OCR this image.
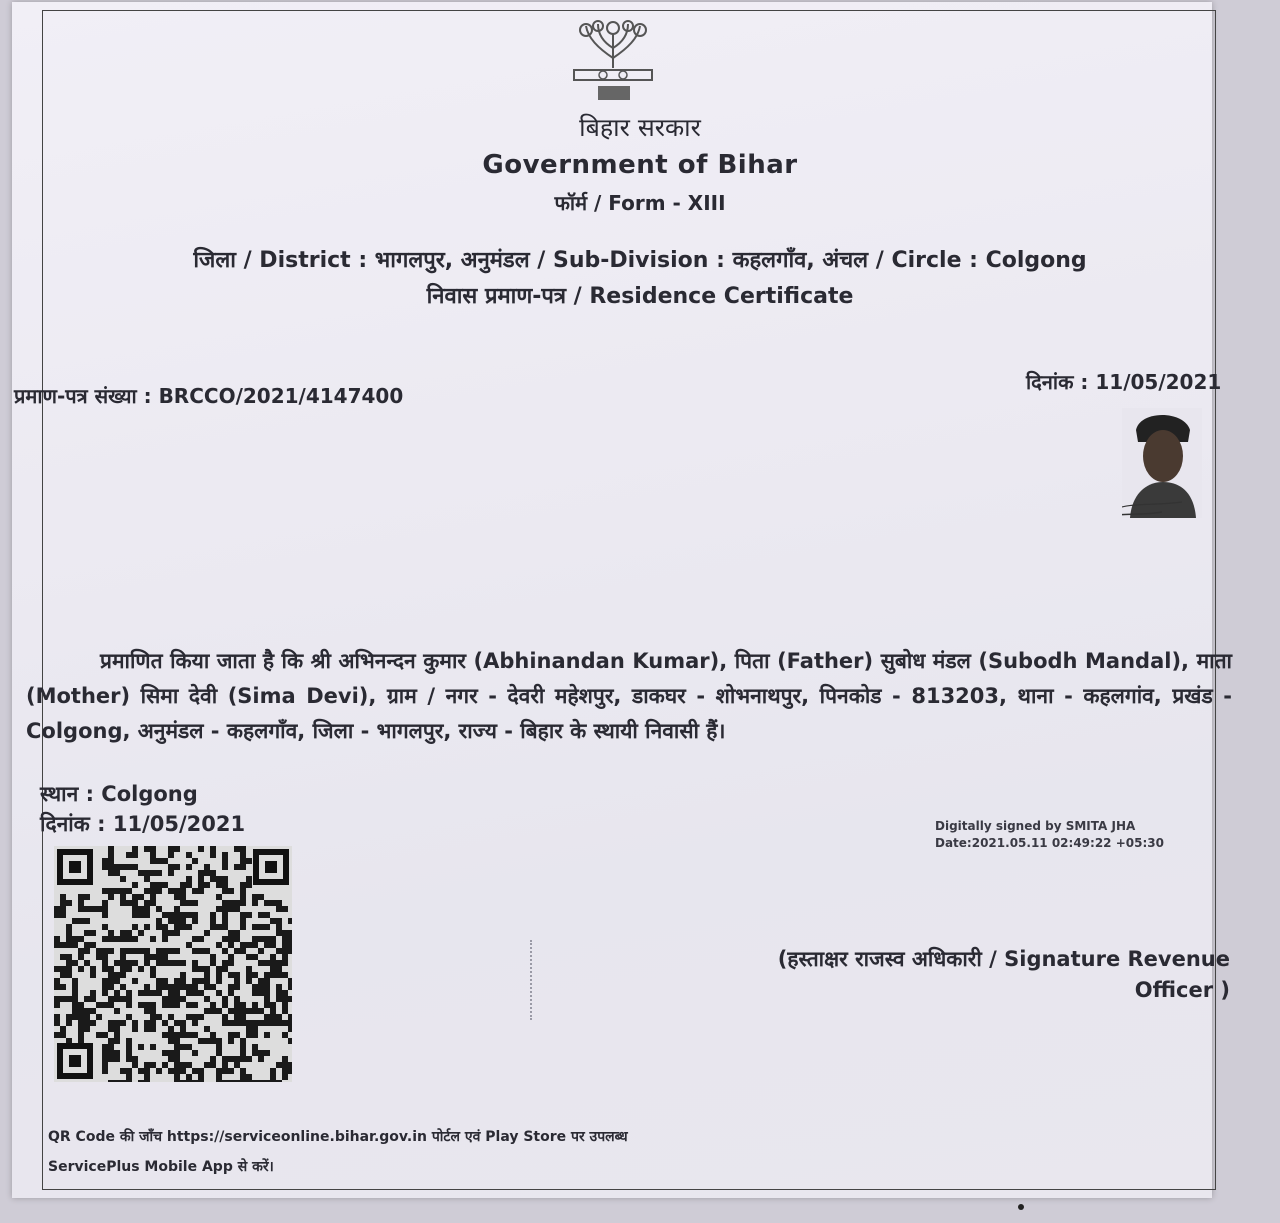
बिहार सरकार
Government of Bihar
फॉर्म / Form - XIII
जिला / District : भागलपुर, अनुमंडल / Sub-Division : कहलगाँव, अंचल / Circle : Colgong
निवास प्रमाण-पत्र / Residence Certificate
प्रमाण-पत्र संख्या : BRCCO/2021/4147400
दिनांक : 11/05/2021
प्रमाणित किया जाता है कि श्री अभिनन्दन कुमार (Abhinandan Kumar), पिता (Father) सुबोध मंडल (Subodh Mandal), माता (Mother) सिमा देवी (Sima Devi), ग्राम / नगर - देवरी महेशपुर, डाकघर - शोभनाथपुर, पिनकोड - 813203, थाना - कहलगांव, प्रखंड - Colgong, अनुमंडल - कहलगाँव, जिला - भागलपुर, राज्य - बिहार के स्थायी निवासी हैं।
स्थान : Colgong
दिनांक : 11/05/2021	Digitally signed by SMITA JHA
Date:2021.05.11 02:49:22 +05:30
(हस्ताक्षर राजस्व अधिकारी / Signature Revenue Officer )
QR Code की जाँच https://serviceonline.bihar.gov.in पोर्टल एवं Play Store पर उपलब्ध
ServicePlus Mobile App से करें।
